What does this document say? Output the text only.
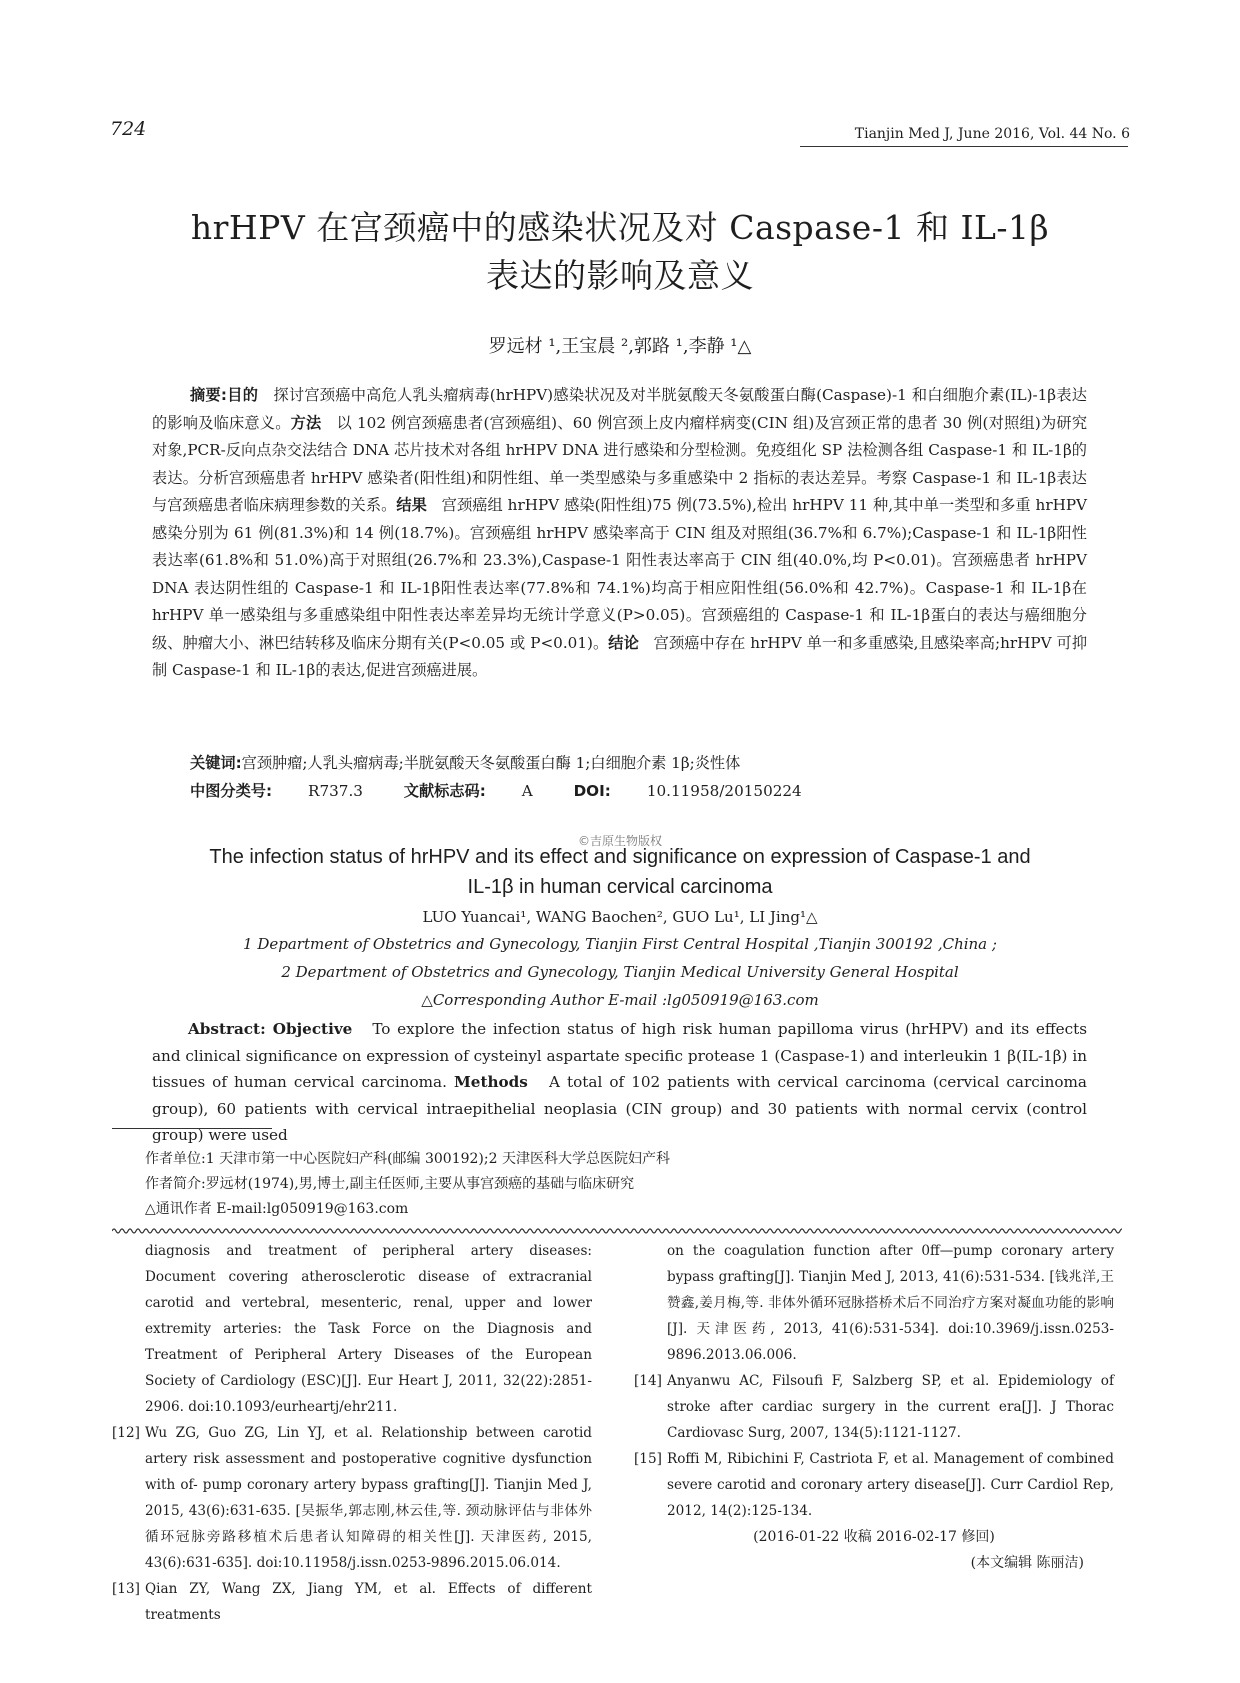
724	Tianjin Med J, June 2016, Vol. 44 No. 6
hrHPV 在宫颈癌中的感染状况及对 Caspase-1 和 IL-1β
表达的影响及意义
罗远材 ¹,王宝晨 ²,郭路 ¹,李静 ¹△

摘要:目的 探讨宫颈癌中高危人乳头瘤病毒(hrHPV)感染状况及对半胱氨酸天冬氨酸蛋白酶(Caspase)-1 和白细胞介素(IL)-1β表达的影响及临床意义。方法 以 102 例宫颈癌患者(宫颈癌组)、60 例宫颈上皮内瘤样病变(CIN 组)及宫颈正常的患者 30 例(对照组)为研究对象,PCR-反向点杂交法结合 DNA 芯片技术对各组 hrHPV DNA 进行感染和分型检测。免疫组化 SP 法检测各组 Caspase-1 和 IL-1β的表达。分析宫颈癌患者 hrHPV 感染者(阳性组)和阴性组、单一类型感染与多重感染中 2 指标的表达差异。考察 Caspase-1 和 IL-1β表达与宫颈癌患者临床病理参数的关系。结果 宫颈癌组 hrHPV 感染(阳性组)75 例(73.5%),检出 hrHPV 11 种,其中单一类型和多重 hrHPV 感染分别为 61 例(81.3%)和 14 例(18.7%)。宫颈癌组 hrHPV 感染率高于 CIN 组及对照组(36.7%和 6.7%);Caspase-1 和 IL-1β阳性表达率(61.8%和 51.0%)高于对照组(26.7%和 23.3%),Caspase-1 阳性表达率高于 CIN 组(40.0%,均 P<0.01)。宫颈癌患者 hrHPV DNA 表达阴性组的 Caspase-1 和 IL-1β阳性表达率(77.8%和 74.1%)均高于相应阳性组(56.0%和 42.7%)。Caspase-1 和 IL-1β在 hrHPV 单一感染组与多重感染组中阳性表达率差异均无统计学意义(P>0.05)。宫颈癌组的 Caspase-1 和 IL-1β蛋白的表达与癌细胞分级、肿瘤大小、淋巴结转移及临床分期有关(P<0.05 或 P<0.01)。结论 宫颈癌中存在 hrHPV 单一和多重感染,且感染率高;hrHPV 可抑制 Caspase-1 和 IL-1β的表达,促进宫颈癌进展。

关键词:宫颈肿瘤;人乳头瘤病毒;半胱氨酸天冬氨酸蛋白酶 1;白细胞介素 1β;炎性体
中图分类号: R737.3	文献标志码: A	DOI: 10.11958/20150224
©吉原生物版权
The infection status of hrHPV and its effect and significance on expression of Caspase-1 and
IL-1β in human cervical carcinoma
LUO Yuancai¹, WANG Baochen², GUO Lu¹, LI Jing¹△
1 Department of Obstetrics and Gynecology, Tianjin First Central Hospital ,Tianjin 300192 ,China ;
2 Department of Obstetrics and Gynecology, Tianjin Medical University General Hospital
△Corresponding Author E-mail :lg050919@163.com

Abstract: Objective To explore the infection status of high risk human papilloma virus (hrHPV) and its effects and clinical significance on expression of cysteinyl aspartate specific protease 1 (Caspase-1) and interleukin 1 β(IL-1β) in tissues of human cervical carcinoma. Methods A total of 102 patients with cervical carcinoma (cervical carcinoma group), 60 patients with cervical intraepithelial neoplasia (CIN group) and 30 patients with normal cervix (control group) were used

作者单位:1 天津市第一中心医院妇产科(邮编 300192);2 天津医科大学总医院妇产科
作者简介:罗远材(1974),男,博士,副主任医师,主要从事宫颈癌的基础与临床研究
△通讯作者 E-mail:lg050919@163.com

diagnosis and treatment of peripheral artery diseases: Document covering atherosclerotic disease of extracranial carotid and vertebral, mesenteric, renal, upper and lower extremity arteries: the Task Force on the Diagnosis and Treatment of Peripheral Artery Diseases of the European Society of Cardiology (ESC)[J]. Eur Heart J, 2011, 32(22):2851-2906. doi:10.1093/eurheartj/ehr211.

[12] Wu ZG, Guo ZG, Lin YJ, et al. Relationship between carotid artery risk assessment and postoperative cognitive dysfunction with of- pump coronary artery bypass grafting[J]. Tianjin Med J, 2015, 43(6):631-635. [吴振华,郭志刚,林云佳,等. 颈动脉评估与非体外循环冠脉旁路移植术后患者认知障碍的相关性[J]. 天津医药, 2015, 43(6):631-635]. doi:10.11958/j.issn.0253-9896.2015.06.014.

[13] Qian ZY, Wang ZX, Jiang YM, et al. Effects of different treatments

on the coagulation function after 0ff—pump coronary artery bypass grafting[J]. Tianjin Med J, 2013, 41(6):531-534. [钱兆洋,王赞鑫,姜月梅,等. 非体外循环冠脉搭桥术后不同治疗方案对凝血功能的影响[J]. 天津医药, 2013, 41(6):531-534]. doi:10.3969/j.issn.0253-9896.2013.06.006.

[14] Anyanwu AC, Filsoufi F, Salzberg SP, et al. Epidemiology of stroke after cardiac surgery in the current era[J]. J Thorac Cardiovasc Surg, 2007, 134(5):1121-1127.

[15] Roffi M, Ribichini F, Castriota F, et al. Management of combined severe carotid and coronary artery disease[J]. Curr Cardiol Rep, 2012, 14(2):125-134.

(2016-01-22 收稿 2016-02-17 修回)
(本文编辑 陈丽洁)
